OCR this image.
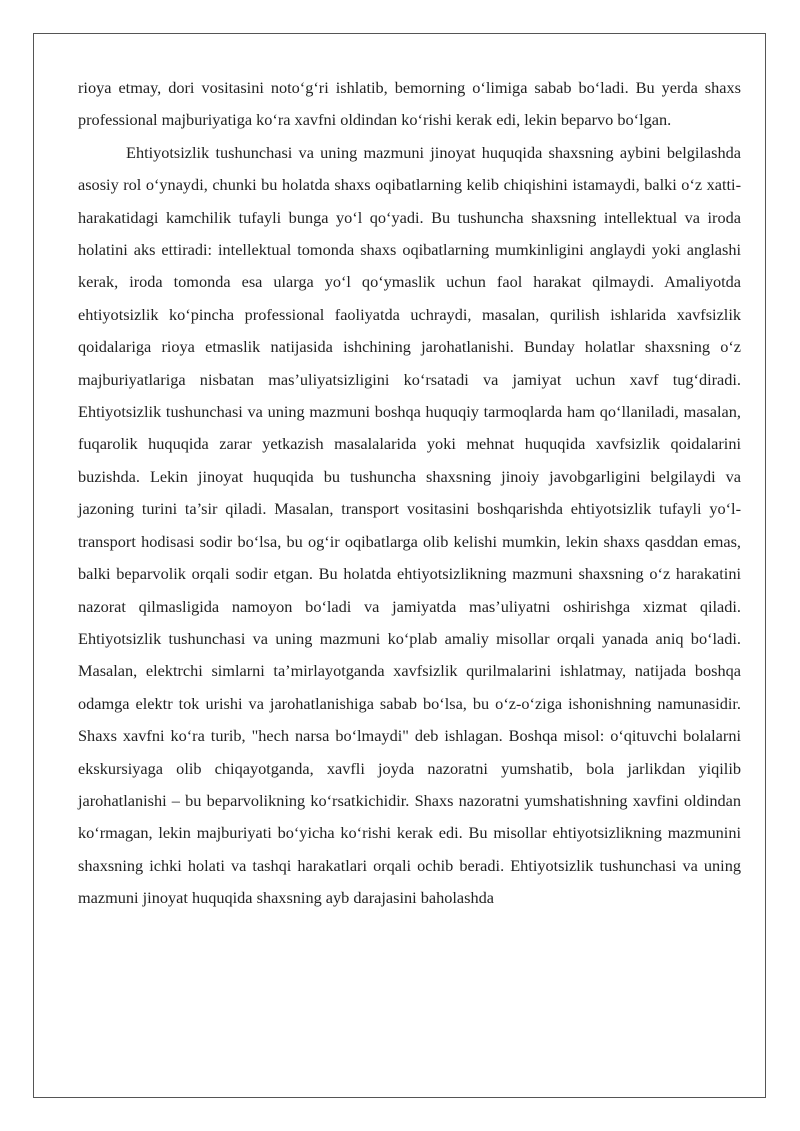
rioya etmay, dori vositasini noto‘g‘ri ishlatib, bemorning o‘limiga sabab bo‘ladi. Bu yerda shaxs professional majburiyatiga ko‘ra xavfni oldindan ko‘rishi kerak edi, lekin beparvo bo‘lgan.

Ehtiyotsizlik tushunchasi va uning mazmuni jinoyat huquqida shaxsning aybini belgilashda asosiy rol o‘ynaydi, chunki bu holatda shaxs oqibatlarning kelib chiqishini istamaydi, balki o‘z xatti-harakatidagi kamchilik tufayli bunga yo‘l qo‘yadi. Bu tushuncha shaxsning intellektual va iroda holatini aks ettiradi: intellektual tomonda shaxs oqibatlarning mumkinligini anglaydi yoki anglashi kerak, iroda tomonda esa ularga yo‘l qo‘ymaslik uchun faol harakat qilmaydi. Amaliyotda ehtiyotsizlik ko‘pincha professional faoliyatda uchraydi, masalan, qurilish ishlarida xavfsizlik qoidalariga rioya etmaslik natijasida ishchining jarohatlanishi. Bunday holatlar shaxsning o‘z majburiyatlariga nisbatan mas’uliyatsizligini ko‘rsatadi va jamiyat uchun xavf tug‘diradi. Ehtiyotsizlik tushunchasi va uning mazmuni boshqa huquqiy tarmoqlarda ham qo‘llaniladi, masalan, fuqarolik huquqida zarar yetkazish masalalarida yoki mehnat huquqida xavfsizlik qoidalarini buzishda. Lekin jinoyat huquqida bu tushuncha shaxsning jinoiy javobgarligini belgilaydi va jazoning turini ta’sir qiladi. Masalan, transport vositasini boshqarishda ehtiyotsizlik tufayli yo‘l-transport hodisasi sodir bo‘lsa, bu og‘ir oqibatlarga olib kelishi mumkin, lekin shaxs qasddan emas, balki beparvolik orqali sodir etgan. Bu holatda ehtiyotsizlikning mazmuni shaxsning o‘z harakatini nazorat qilmasligida namoyon bo‘ladi va jamiyatda mas’uliyatni oshirishga xizmat qiladi. Ehtiyotsizlik tushunchasi va uning mazmuni ko‘plab amaliy misollar orqali yanada aniq bo‘ladi. Masalan, elektrchi simlarni ta’mirlayotganda xavfsizlik qurilmalarini ishlatmay, natijada boshqa odamga elektr tok urishi va jarohatlanishiga sabab bo‘lsa, bu o‘z-o‘ziga ishonishning namunasidir. Shaxs xavfni ko‘ra turib, "hech narsa bo‘lmaydi" deb ishlagan. Boshqa misol: o‘qituvchi bolalarni ekskursiyaga olib chiqayotganda, xavfli joyda nazoratni yumshatib, bola jarlikdan yiqilib jarohatlanishi – bu beparvolikning ko‘rsatkichidir. Shaxs nazoratni yumshatishning xavfini oldindan ko‘rmagan, lekin majburiyati bo‘yicha ko‘rishi kerak edi. Bu misollar ehtiyotsizlikning mazmunini shaxsning ichki holati va tashqi harakatlari orqali ochib beradi. Ehtiyotsizlik tushunchasi va uning mazmuni jinoyat huquqida shaxsning ayb darajasini baholashda
